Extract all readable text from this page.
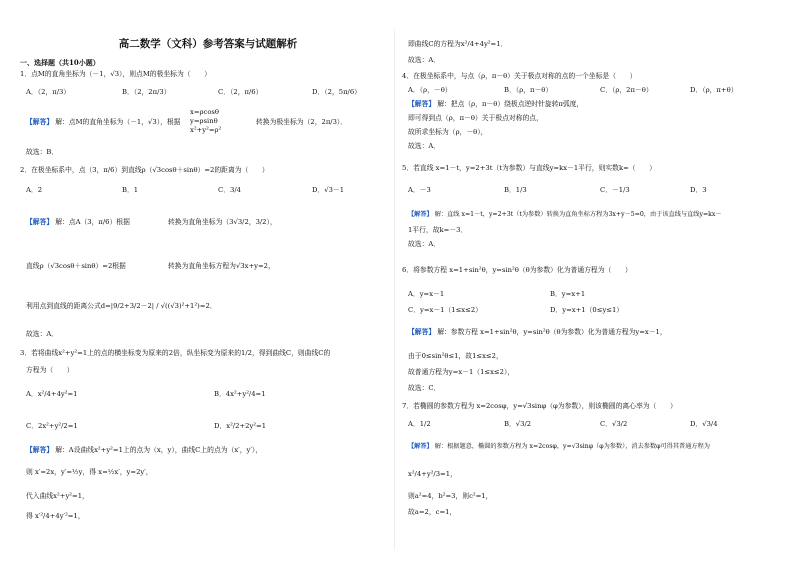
高二数学（文科）参考答案与试题解析
一、选择题（共10小题）
1．点M的直角坐标为（－1，√3），则点M的极坐标为（　　）
A．（2，π/3）	B．（2，2π/3）	C．（2，π/6）	D．（2，5π/6）
【解答】 解：点M的直角坐标为（－1，√3），根据
x=ρcosθ
y=ρsinθ
x²+y²=ρ²
转换为极坐标为（2，2π/3）．
故选：B．
2．在极坐标系中，点（3，π/6）到直线ρ（√3cosθ＋sinθ）=2的距离为（　　）
A．2	B．1	C．3/4	D．√3－1
【解答】 解：点A（3，π/6）根据	转换为直角坐标为（3√3/2，3/2），
直线ρ（√3cosθ＋sinθ）=2根据	转换为直角坐标方程为√3x+y=2，
利用点到直线的距离公式d=|9/2+3/2－2| / √((√3)²+1²)=2．
故选：A．
3．若将曲线x²+y²=1上的点的横坐标变为原来的2倍，纵坐标变为原来的1/2，得到曲线C，则曲线C的
方程为（　　）
A．x²/4+4y²=1	B．4x²+y²/4=1
C．2x²+y²/2=1	D．x²/2+2y²=1
【解答】 解：A设曲线x²+y²=1上的点为（x，y），曲线C上的点为（x′，y′），
则 x′=2x，y′=½y，得 x=½x′，y=2y′，
代入曲线x²+y²=1，
得 x′²/4+4y′²=1，
即曲线C的方程为x²/4+4y²=1．
故选：A．
4．在极坐标系中，与点（ρ，π－θ）关于极点对称的点的一个坐标是（　　）
A．（ρ，－θ）	B．（ρ，π－θ）	C．（ρ，2π－θ）	D．（ρ，π+θ）
【解答】 解：把点（ρ，π－θ）绕极点逆时针旋转π弧度，
即可得到点（ρ，π－θ）关于极点对称的点，
故所求坐标为（ρ，－θ），
故选：A．
5．若直线 x=1－t，y=2+3t（t为参数）与直线y=kx－1平行，则实数k=（　　）
A．－3	B．1/3	C．－1/3	D．3
【解答】 解：直线 x=1－t，y=2+3t（t为参数）转换为直角坐标方程为3x+y－5=0，由于该直线与直线y=kx－
1平行，故k=－3．
故选：A．
6．将参数方程 x=1+sin²θ，y=sin²θ（θ为参数）化为普通方程为（　　）
A．y=x－1	B．y=x+1
C．y=x－1（1≤x≤2）	D．y=x+1（0≤y≤1）
【解答】 解：参数方程 x=1+sin²θ，y=sin²θ（θ为参数）化为普通方程为y=x－1，
由于0≤sin²θ≤1，故1≤x≤2，
故普通方程为y=x－1（1≤x≤2），
故选：C．
7．若椭圆的参数方程为 x=2cosφ，y=√3sinφ（φ为参数），则该椭圆的离心率为（　　）
A．1/2	B．√3/2	C．√3/2	D．√3/4
【解答】 解：根据题意，椭圆的参数方程为 x=2cosφ，y=√3sinφ（φ为参数），消去参数φ可得其普通方程为
x²/4+y²/3=1，
则a²=4，b²=3，则c²=1，
故a=2，c=1，
